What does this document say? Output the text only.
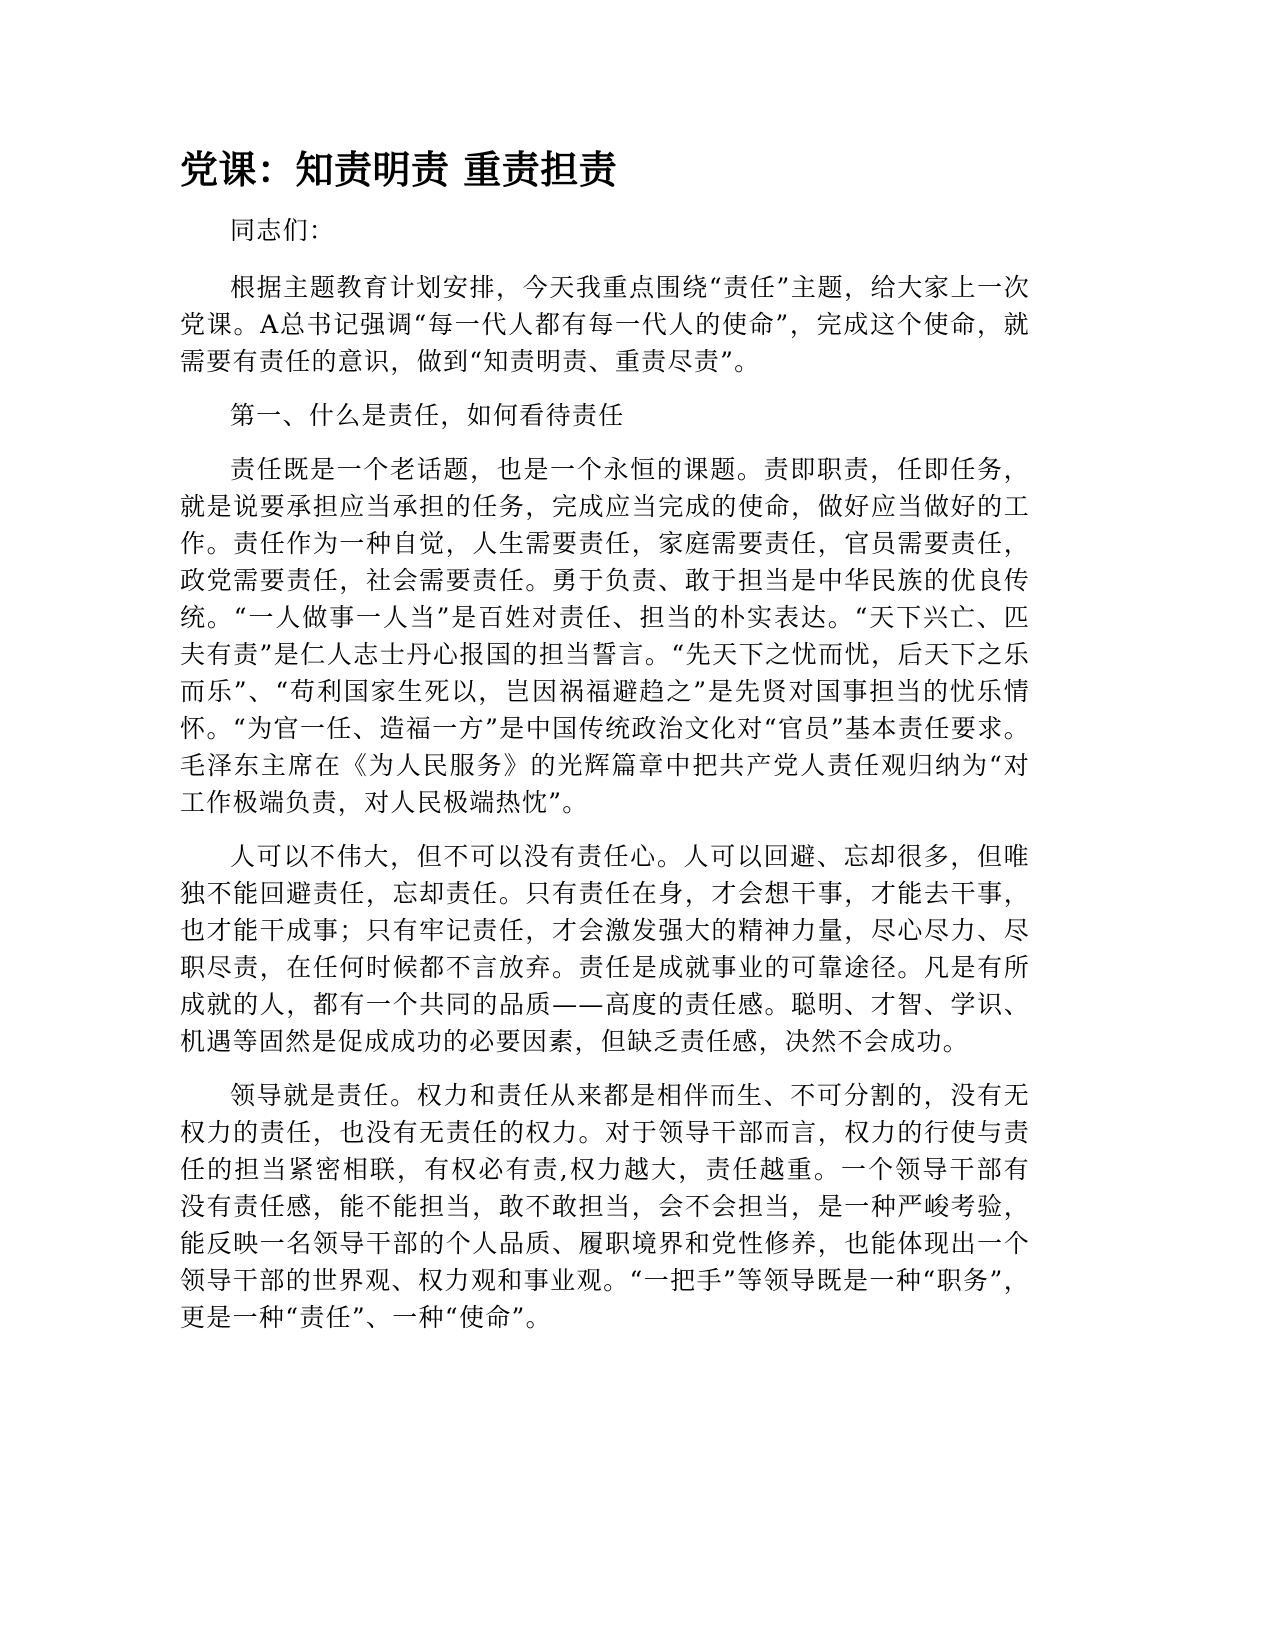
党课：知责明责 重责担责

同志们：

根据主题教育计划安排，今天我重点围绕“责任”主题，给大家上一次党课。A总书记强调“每一代人都有每一代人的使命”，完成这个使命，就需要有责任的意识，做到“知责明责、重责尽责”。

第一、什么是责任，如何看待责任

责任既是一个老话题，也是一个永恒的课题。责即职责，任即任务，就是说要承担应当承担的任务，完成应当完成的使命，做好应当做好的工作。责任作为一种自觉，人生需要责任，家庭需要责任，官员需要责任，政党需要责任，社会需要责任。勇于负责、敢于担当是中华民族的优良传统。“一人做事一人当”是百姓对责任、担当的朴实表达。“天下兴亡、匹夫有责”是仁人志士丹心报国的担当誓言。“先天下之忧而忧，后天下之乐而乐”、“苟利国家生死以，岂因祸福避趋之”是先贤对国事担当的忧乐情怀。“为官一任、造福一方”是中国传统政治文化对“官员”基本责任要求。毛泽东主席在《为人民服务》的光辉篇章中把共产党人责任观归纳为“对工作极端负责，对人民极端热忱”。

人可以不伟大，但不可以没有责任心。人可以回避、忘却很多，但唯独不能回避责任，忘却责任。只有责任在身，才会想干事，才能去干事，也才能干成事；只有牢记责任，才会激发强大的精神力量，尽心尽力、尽职尽责，在任何时候都不言放弃。责任是成就事业的可靠途径。凡是有所成就的人，都有一个共同的品质——高度的责任感。聪明、才智、学识、机遇等固然是促成成功的必要因素，但缺乏责任感，决然不会成功。

领导就是责任。权力和责任从来都是相伴而生、不可分割的，没有无权力的责任，也没有无责任的权力。对于领导干部而言，权力的行使与责任的担当紧密相联，有权必有责,权力越大，责任越重。一个领导干部有没有责任感，能不能担当，敢不敢担当，会不会担当，是一种严峻考验，能反映一名领导干部的个人品质、履职境界和党性修养，也能体现出一个领导干部的世界观、权力观和事业观。“一把手”等领导既是一种“职务”，更是一种“责任”、一种“使命”。
